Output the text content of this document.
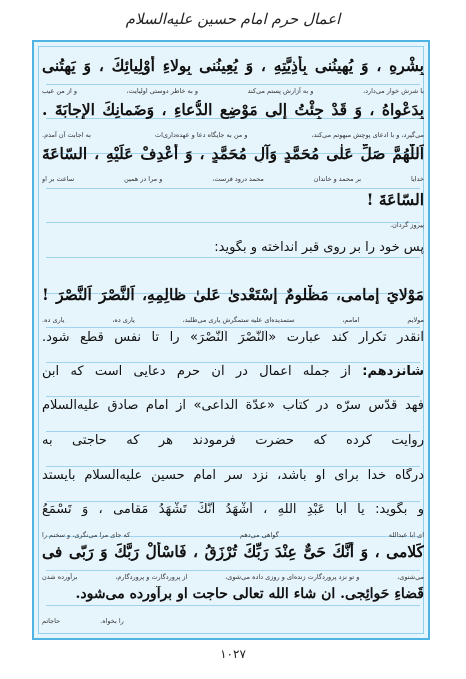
اعمال حرم امام حسین علیه‌السلام
بِشْرِهِ ، وَ يُهِينُنى بِأَذِيَّتِهِ ، وَ يُعِينُنى بِوِلاءِ أَوْلِيائِكَ ، وَ يَهِتُنى
با شرش خوار می‌دارد،
و به آزارش پستم می‌کند
و به خاطر دوستی اولیایت،
و از من عیب
بِدَعْواهُ ، وَ قَدْ جِئْتُ إِلى مَوْضِعِ الدُّعاءِ ، وَضَمانِكَ الإِجابَةَ .
می‌گیرد، و با ادعای پوچش مبهوتم می‌کند،
و من به جایگاه دعا و عهده‌داری‌ات
به اجابت آن آمدم.
اَللّٰهُمَّ صَلِّ عَلٰى مُحَمَّدٍ وَآلِ مُحَمَّدٍ ، وَ أَعْدِفْ عَلَيْهِ ، السّاعَةَ
خدایا
بر محمد و خاندان
محمد درود فرست،
و مرا در همین
ساعت بر او
السّاعَةَ !
پیروز گردان.
پس خود را بر روی قبر انداخته و بگوید:
مَوْلايَ إِمامى، مَظْلومٌ إِسْتَعْدىٰ عَلىٰ ظالِمِهِ، اَلنَّصْرَ اَلنَّصْرَ !
مولایم
امامم،
ستمدیده‌ای علیه ستمگرش یاری می‌طلبد،
یاری ده،
یاری ده.
آنقدر تکرار کند عبارت «اَلنَّصْرَ اَلنَّصْرَ» را تا نفس قطع شود.
شانزدهم: از جمله اعمال در آن حرم دعایی است که ابن
فهد قدّس سرّه در کتاب «عدّة الداعی» از امام صادق عليه‌السلام
روایت کرده که حضرت فرمودند هر که حاجتی به
درگاه خدا برای او باشد، نزد سر امام حسین عليه‌السلام بایستد
و بگوید: يا أَبا عَبْدِ اللّٰهِ ، أَشْهَدُ أَنَّكَ تَشْهَدُ مَقامى ، وَ تَسْمَعُ
ای ابا عبدالله
گواهی می‌دهم
که جای مرا می‌نگری، و سخنم را
كَلامى ، وَ أَنَّكَ حَىٌّ عِنْدَ رَبِّكَ تُرْزَقُ ، فَاسْأَلْ رَبَّكَ وَ رَبّى فى
می‌شنوی،
و تو نزد پروردگارت زنده‌ای و روزی داده می‌شوی،
از پروردگارت و پروردگارم،
برآورده شدن
قَضاءِ حَوائِجى. ان شاء الله تعالى حاجت او برآورده می‌شود.
را بخواه.
حاجاتم
۱۰۲۷
